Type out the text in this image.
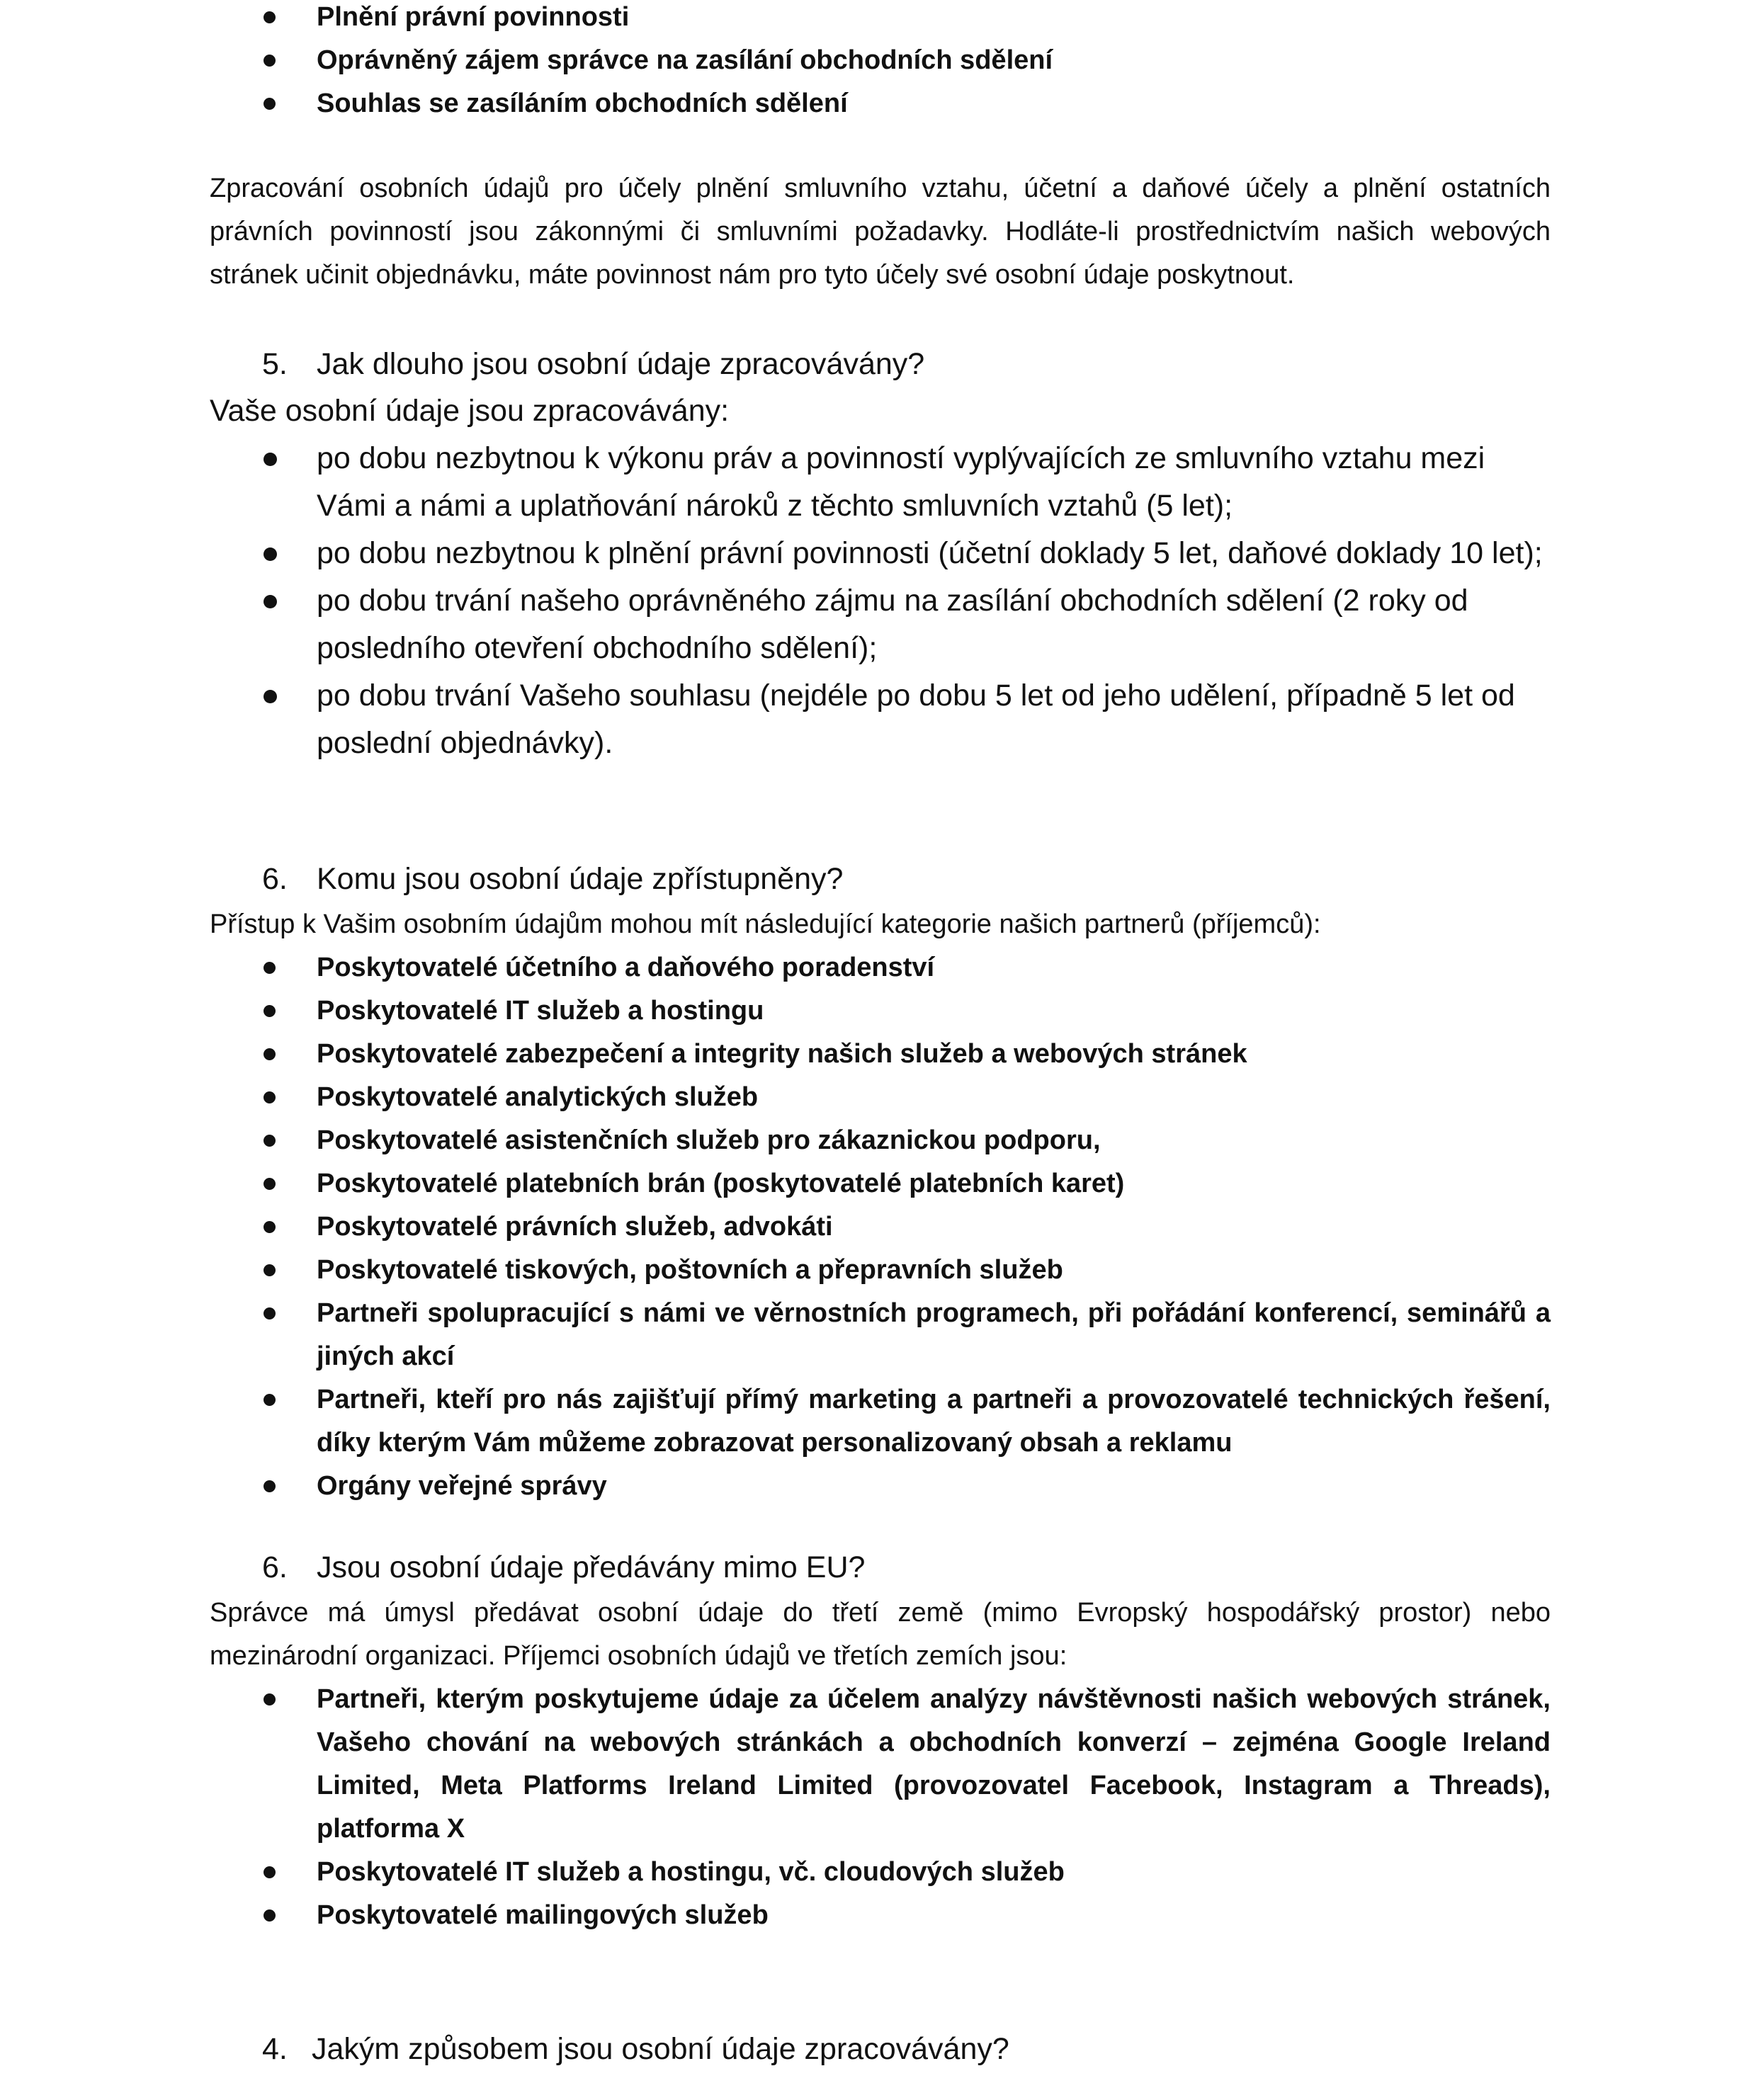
Plnění právní povinnosti
Oprávněný zájem správce na zasílání obchodních sdělení
Souhlas se zasíláním obchodních sdělení

Zpracování osobních údajů pro účely plnění smluvního vztahu, účetní a daňové účely a plnění ostatních právních povinností jsou zákonnými či smluvními požadavky. Hodláte-li prostřednictvím našich webových stránek učinit objednávku, máte povinnost nám pro tyto účely své osobní údaje poskytnout.

5. Jak dlouho jsou osobní údaje zpracovávány?

Vaše osobní údaje jsou zpracovávány:

po dobu nezbytnou k výkonu práv a povinností vyplývajících ze smluvního vztahu mezi Vámi a námi a uplatňování nároků z těchto smluvních vztahů (5 let);
po dobu nezbytnou k plnění právní povinnosti (účetní doklady 5 let, daňové doklady 10 let);
po dobu trvání našeho oprávněného zájmu na zasílání obchodních sdělení (2 roky od posledního otevření obchodního sdělení);
po dobu trvání Vašeho souhlasu (nejdéle po dobu 5 let od jeho udělení, případně 5 let od poslední objednávky).
6. Komu jsou osobní údaje zpřístupněny?

Přístup k Vašim osobním údajům mohou mít následující kategorie našich partnerů (příjemců):

Poskytovatelé účetního a daňového poradenství
Poskytovatelé IT služeb a hostingu
Poskytovatelé zabezpečení a integrity našich služeb a webových stránek
Poskytovatelé analytických služeb
Poskytovatelé asistenčních služeb pro zákaznickou podporu,
Poskytovatelé platebních brán (poskytovatelé platebních karet)
Poskytovatelé právních služeb, advokáti
Poskytovatelé tiskových, poštovních a přepravních služeb
Partneři spolupracující s námi ve věrnostních programech, při pořádání konferencí, seminářů a jiných akcí
Partneři, kteří pro nás zajišťují přímý marketing a partneři a provozovatelé technických řešení, díky kterým Vám můžeme zobrazovat personalizovaný obsah a reklamu
Orgány veřejné správy
6. Jsou osobní údaje předávány mimo EU?

Správce má úmysl předávat osobní údaje do třetí země (mimo Evropský hospodářský prostor) nebo mezinárodní organizaci. Příjemci osobních údajů ve třetích zemích jsou:

Partneři, kterým poskytujeme údaje za účelem analýzy návštěvnosti našich webových stránek, Vašeho chování na webových stránkách a obchodních konverzí – zejména Google Ireland Limited, Meta Platforms Ireland Limited (provozovatel Facebook, Instagram a Threads), platforma X
Poskytovatelé IT služeb a hostingu, vč. cloudových služeb
Poskytovatelé mailingových služeb
4. Jakým způsobem jsou osobní údaje zpracovávány?
